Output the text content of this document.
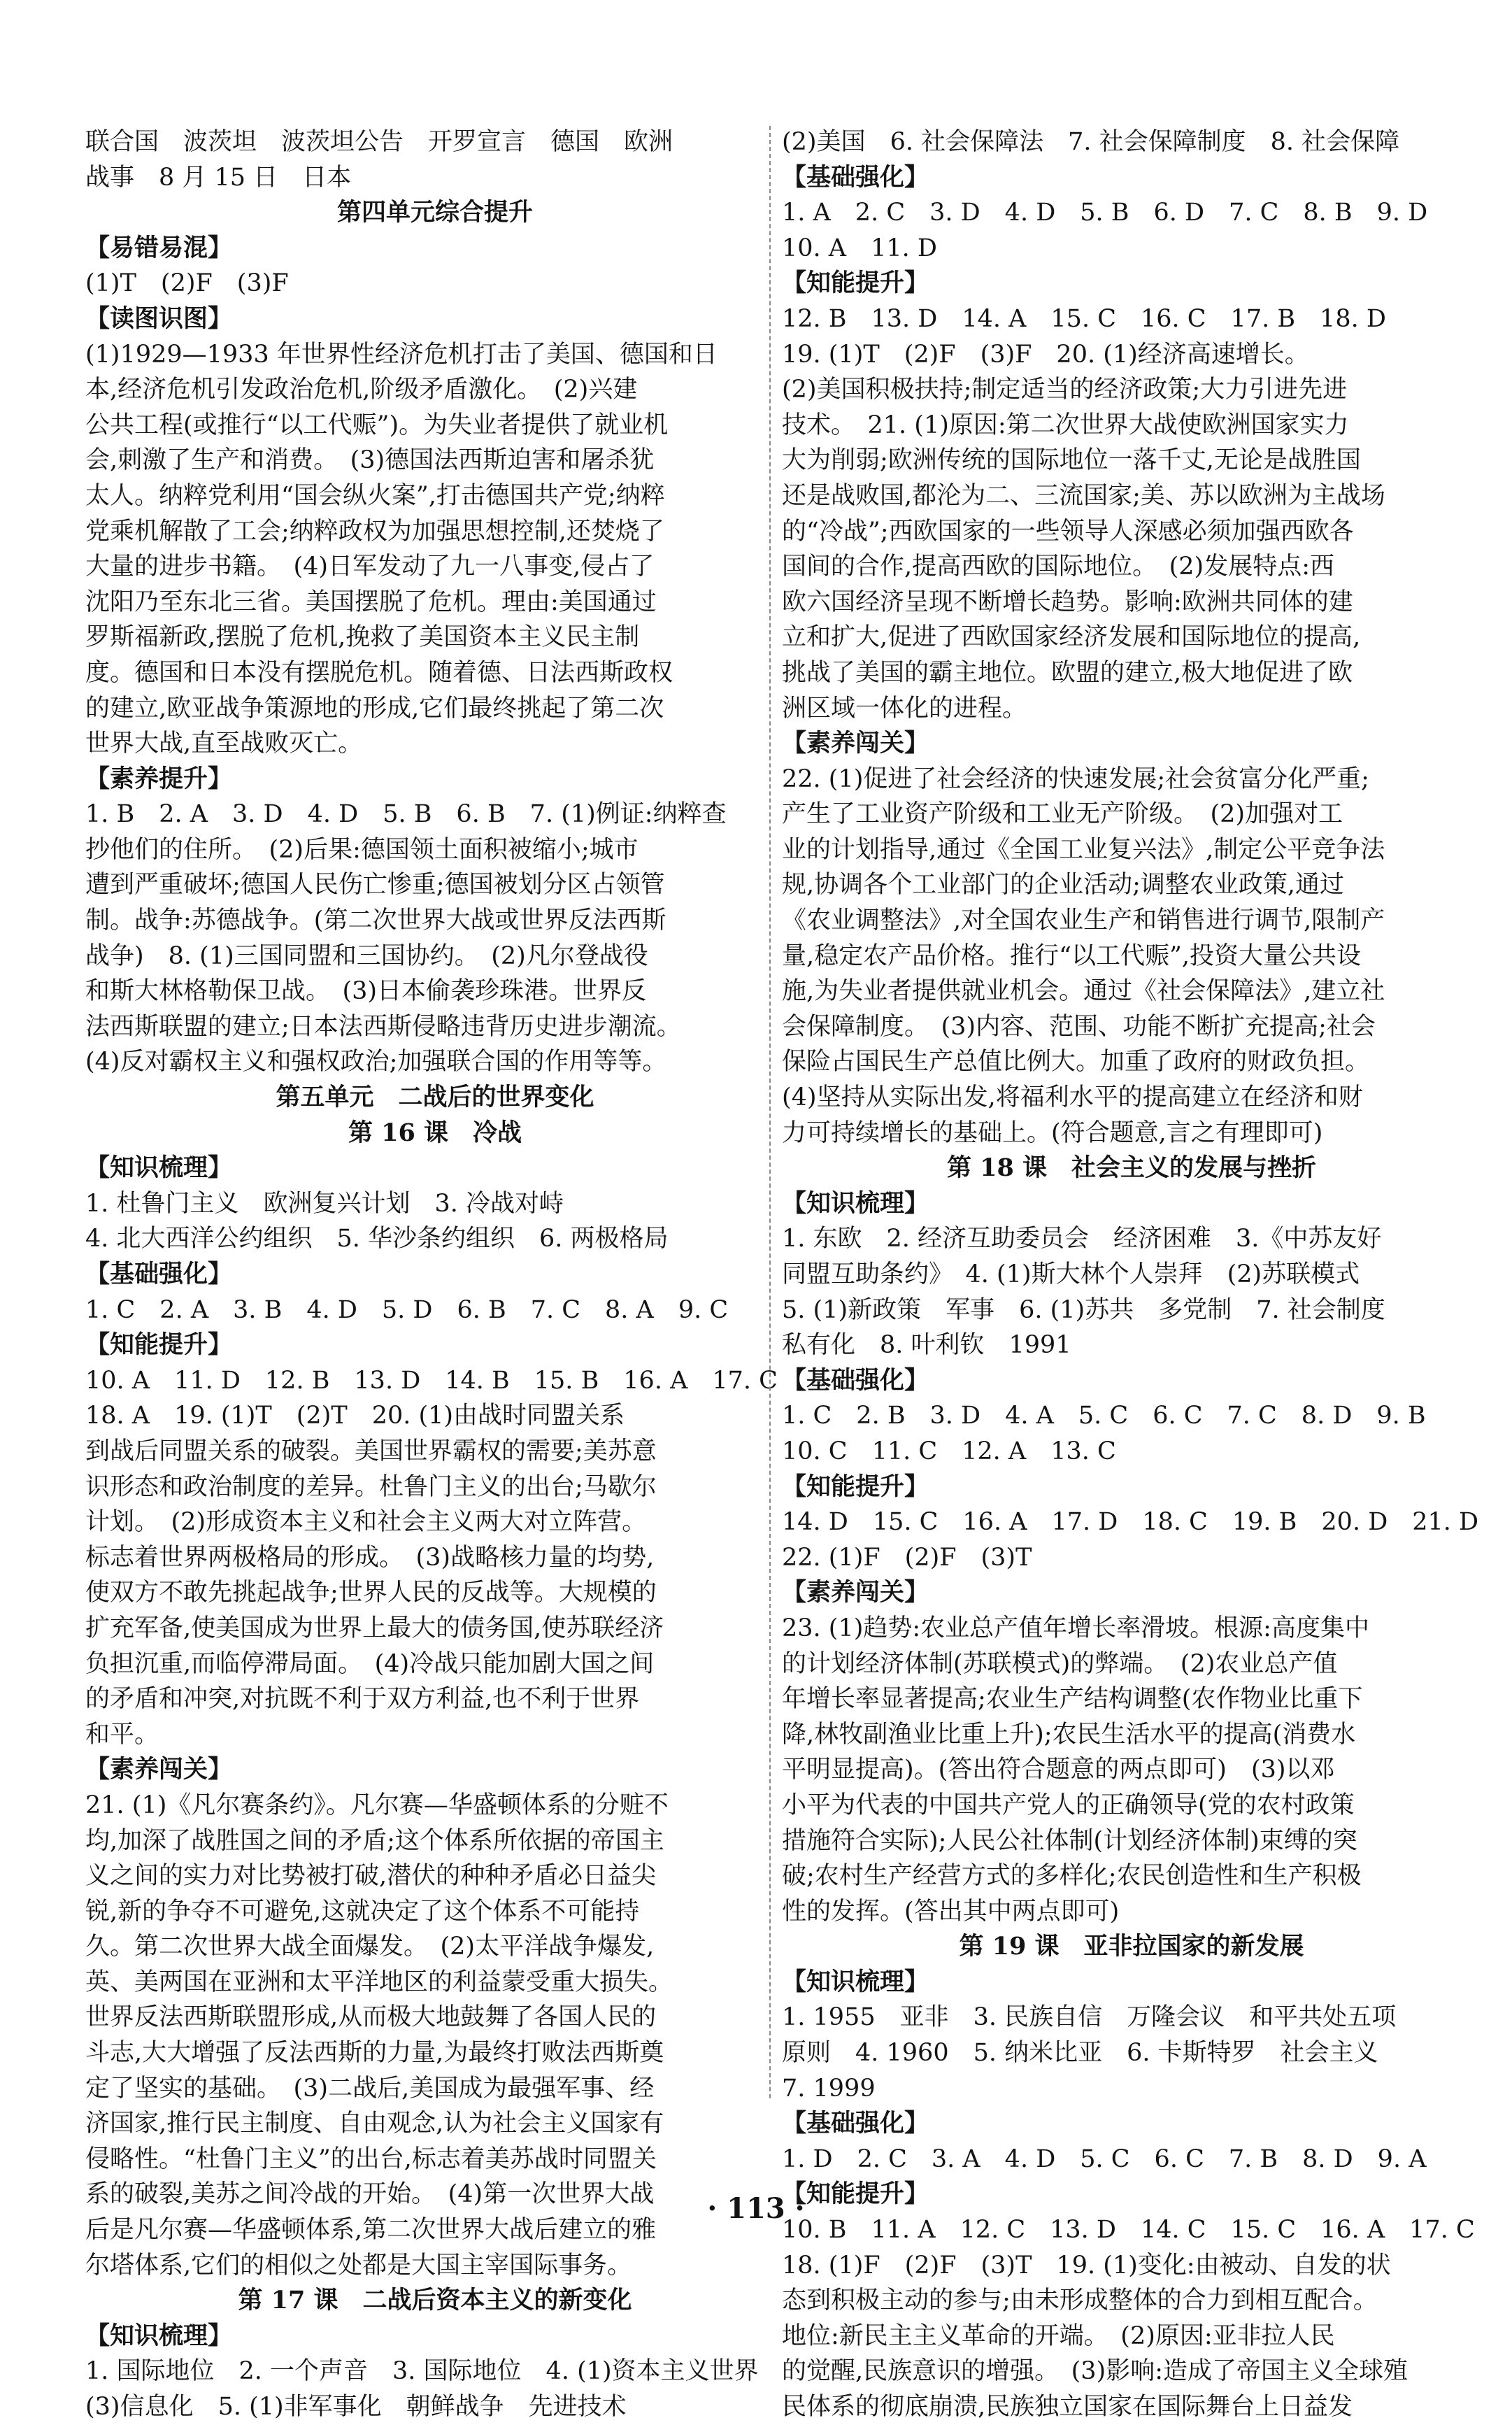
联合国　波茨坦　波茨坦公告　开罗宣言　德国　欧洲
战事　8 月 15 日　日本
第四单元综合提升
【易错易混】
(1)T　(2)F　(3)F
【读图识图】
(1)1929—1933 年世界性经济危机打击了美国、德国和日
本,经济危机引发政治危机,阶级矛盾激化。　(2)兴建
公共工程(或推行“以工代赈”)。为失业者提供了就业机
会,刺激了生产和消费。　(3)德国法西斯迫害和屠杀犹
太人。纳粹党利用“国会纵火案”,打击德国共产党;纳粹
党乘机解散了工会;纳粹政权为加强思想控制,还焚烧了
大量的进步书籍。　(4)日军发动了九一八事变,侵占了
沈阳乃至东北三省。美国摆脱了危机。理由:美国通过
罗斯福新政,摆脱了危机,挽救了美国资本主义民主制
度。德国和日本没有摆脱危机。随着德、日法西斯政权
的建立,欧亚战争策源地的形成,它们最终挑起了第二次
世界大战,直至战败灭亡。
【素养提升】
1. B　2. A　3. D　4. D　5. B　6. B　7. (1)例证:纳粹查
抄他们的住所。　(2)后果:德国领土面积被缩小;城市
遭到严重破坏;德国人民伤亡惨重;德国被划分区占领管
制。战争:苏德战争。(第二次世界大战或世界反法西斯
战争)　8. (1)三国同盟和三国协约。　(2)凡尔登战役
和斯大林格勒保卫战。　(3)日本偷袭珍珠港。世界反
法西斯联盟的建立;日本法西斯侵略违背历史进步潮流。
(4)反对霸权主义和强权政治;加强联合国的作用等等。
第五单元　二战后的世界变化
第 16 课　冷战
【知识梳理】
1. 杜鲁门主义　欧洲复兴计划　3. 冷战对峙
4. 北大西洋公约组织　5. 华沙条约组织　6. 两极格局
【基础强化】
1. C　2. A　3. B　4. D　5. D　6. B　7. C　8. A　9. C
【知能提升】
10. A　11. D　12. B　13. D　14. B　15. B　16. A　17. C
18. A　19. (1)T　(2)T　20. (1)由战时同盟关系
到战后同盟关系的破裂。美国世界霸权的需要;美苏意
识形态和政治制度的差异。杜鲁门主义的出台;马歇尔
计划。　(2)形成资本主义和社会主义两大对立阵营。
标志着世界两极格局的形成。　(3)战略核力量的均势,
使双方不敢先挑起战争;世界人民的反战等。大规模的
扩充军备,使美国成为世界上最大的债务国,使苏联经济
负担沉重,而临停滞局面。　(4)冷战只能加剧大国之间
的矛盾和冲突,对抗既不利于双方利益,也不利于世界
和平。
【素养闯关】
21. (1)《凡尔赛条约》。凡尔赛—华盛顿体系的分赃不
均,加深了战胜国之间的矛盾;这个体系所依据的帝国主
义之间的实力对比势被打破,潜伏的种种矛盾必日益尖
锐,新的争夺不可避免,这就决定了这个体系不可能持
久。第二次世界大战全面爆发。　(2)太平洋战争爆发,
英、美两国在亚洲和太平洋地区的利益蒙受重大损失。
世界反法西斯联盟形成,从而极大地鼓舞了各国人民的
斗志,大大增强了反法西斯的力量,为最终打败法西斯奠
定了坚实的基础。　(3)二战后,美国成为最强军事、经
济国家,推行民主制度、自由观念,认为社会主义国家有
侵略性。“杜鲁门主义”的出台,标志着美苏战时同盟关
系的破裂,美苏之间冷战的开始。　(4)第一次世界大战
后是凡尔赛—华盛顿体系,第二次世界大战后建立的雅
尔塔体系,它们的相似之处都是大国主宰国际事务。
第 17 课　二战后资本主义的新变化
【知识梳理】
1. 国际地位　2. 一个声音　3. 国际地位　4. (1)资本主义世界
(3)信息化　5. (1)非军事化　朝鲜战争　先进技术
(2)美国　6. 社会保障法　7. 社会保障制度　8. 社会保障
【基础强化】
1. A　2. C　3. D　4. D　5. B　6. D　7. C　8. B　9. D
10. A　11. D
【知能提升】
12. B　13. D　14. A　15. C　16. C　17. B　18. D
19. (1)T　(2)F　(3)F　20. (1)经济高速增长。
(2)美国积极扶持;制定适当的经济政策;大力引进先进
技术。　21. (1)原因:第二次世界大战使欧洲国家实力
大为削弱;欧洲传统的国际地位一落千丈,无论是战胜国
还是战败国,都沦为二、三流国家;美、苏以欧洲为主战场
的“冷战”;西欧国家的一些领导人深感必须加强西欧各
国间的合作,提高西欧的国际地位。　(2)发展特点:西
欧六国经济呈现不断增长趋势。影响:欧洲共同体的建
立和扩大,促进了西欧国家经济发展和国际地位的提高,
挑战了美国的霸主地位。欧盟的建立,极大地促进了欧
洲区域一体化的进程。
【素养闯关】
22. (1)促进了社会经济的快速发展;社会贫富分化严重;
产生了工业资产阶级和工业无产阶级。　(2)加强对工
业的计划指导,通过《全国工业复兴法》,制定公平竞争法
规,协调各个工业部门的企业活动;调整农业政策,通过
《农业调整法》,对全国农业生产和销售进行调节,限制产
量,稳定农产品价格。推行“以工代赈”,投资大量公共设
施,为失业者提供就业机会。通过《社会保障法》,建立社
会保障制度。　(3)内容、范围、功能不断扩充提高;社会
保险占国民生产总值比例大。加重了政府的财政负担。
(4)坚持从实际出发,将福利水平的提高建立在经济和财
力可持续增长的基础上。(符合题意,言之有理即可)
第 18 课　社会主义的发展与挫折
【知识梳理】
1. 东欧　2. 经济互助委员会　经济困难　3.《中苏友好
同盟互助条约》　4. (1)斯大林个人崇拜　(2)苏联模式
5. (1)新政策　军事　6. (1)苏共　多党制　7. 社会制度
私有化　8. 叶利钦　1991
【基础强化】
1. C　2. B　3. D　4. A　5. C　6. C　7. C　8. D　9. B
10. C　11. C　12. A　13. C
【知能提升】
14. D　15. C　16. A　17. D　18. C　19. B　20. D　21. D
22. (1)F　(2)F　(3)T
【素养闯关】
23. (1)趋势:农业总产值年增长率滑坡。根源:高度集中
的计划经济体制(苏联模式)的弊端。　(2)农业总产值
年增长率显著提高;农业生产结构调整(农作物业比重下
降,林牧副渔业比重上升);农民生活水平的提高(消费水
平明显提高)。(答出符合题意的两点即可)　(3)以邓
小平为代表的中国共产党人的正确领导(党的农村政策
措施符合实际);人民公社体制(计划经济体制)束缚的突
破;农村生产经营方式的多样化;农民创造性和生产积极
性的发挥。(答出其中两点即可)
第 19 课　亚非拉国家的新发展
【知识梳理】
1. 1955　亚非　3. 民族自信　万隆会议　和平共处五项
原则　4. 1960　5. 纳米比亚　6. 卡斯特罗　社会主义
7. 1999
【基础强化】
1. D　2. C　3. A　4. D　5. C　6. C　7. B　8. D　9. A
【知能提升】
10. B　11. A　12. C　13. D　14. C　15. C　16. A　17. C
18. (1)F　(2)F　(3)T　19. (1)变化:由被动、自发的状
态到积极主动的参与;由未形成整体的合力到相互配合。
地位:新民主主义革命的开端。　(2)原因:亚非拉人民
的觉醒,民族意识的增强。　(3)影响:造成了帝国主义全球殖
民体系的彻底崩溃,民族独立国家在国际舞台上日益发
· 113 ·
